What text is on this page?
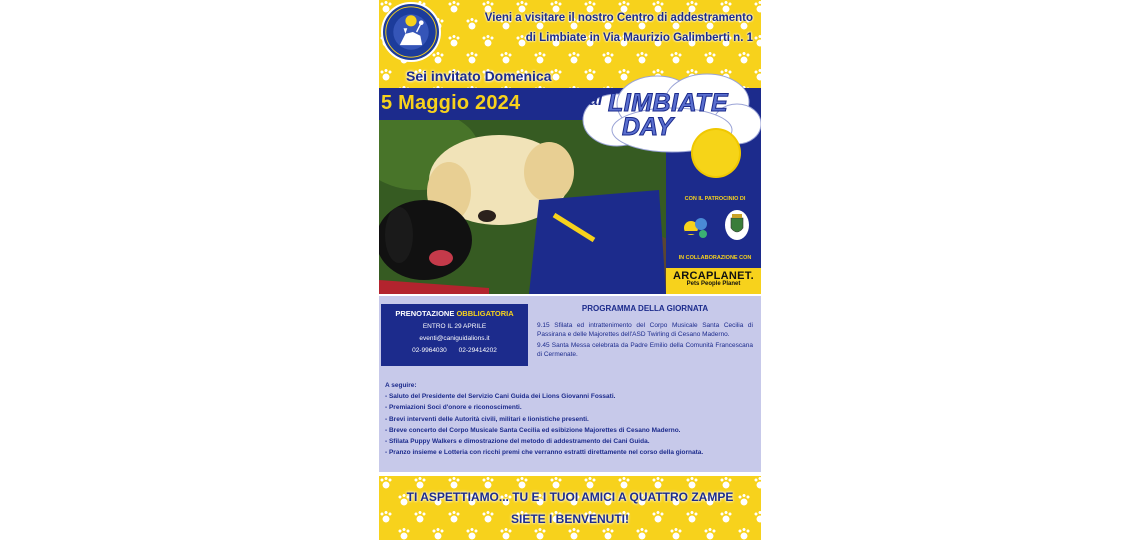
Vieni a visitare il nostro Centro di addestramento
di Limbiate in Via Maurizio Galimberti n. 1
Sei invitato Domenica
5 Maggio 2024	al LIMBIATE
DAY
CON IL PATROCINIO DI
IN COLLABORAZIONE CON
ARCAPLANET.
Pets People Planet
PRENOTAZIONE OBBLIGATORIA
ENTRO IL 29 APRILE
eventi@caniguidalions.it
02-9964030 02-29414202
PROGRAMMA DELLA GIORNATA

9.15 Sfilata ed intrattenimento del Corpo Musicale Santa Cecilia di Passirana e delle Majorettes dell'ASD Twirling di Cesano Maderno.

9.45 Santa Messa celebrata da Padre Emilio della Comunità Francescana di Cermenate.

A seguire:
- Saluto del Presidente del Servizio Cani Guida dei Lions Giovanni Fossati.
- Premiazioni Soci d'onore e riconoscimenti.
- Brevi interventi delle Autorità civili, militari e lionistiche presenti.
- Breve concerto del Corpo Musicale Santa Cecilia ed esibizione Majorettes di Cesano Maderno.
- Sfilata Puppy Walkers e dimostrazione del metodo di addestramento dei Cani Guida.
- Pranzo insieme e Lotteria con ricchi premi che verranno estratti direttamente nel corso della giornata.
TI ASPETTIAMO... TU E I TUOI AMICI A QUATTRO ZAMPE
SIETE I BENVENUTI!
